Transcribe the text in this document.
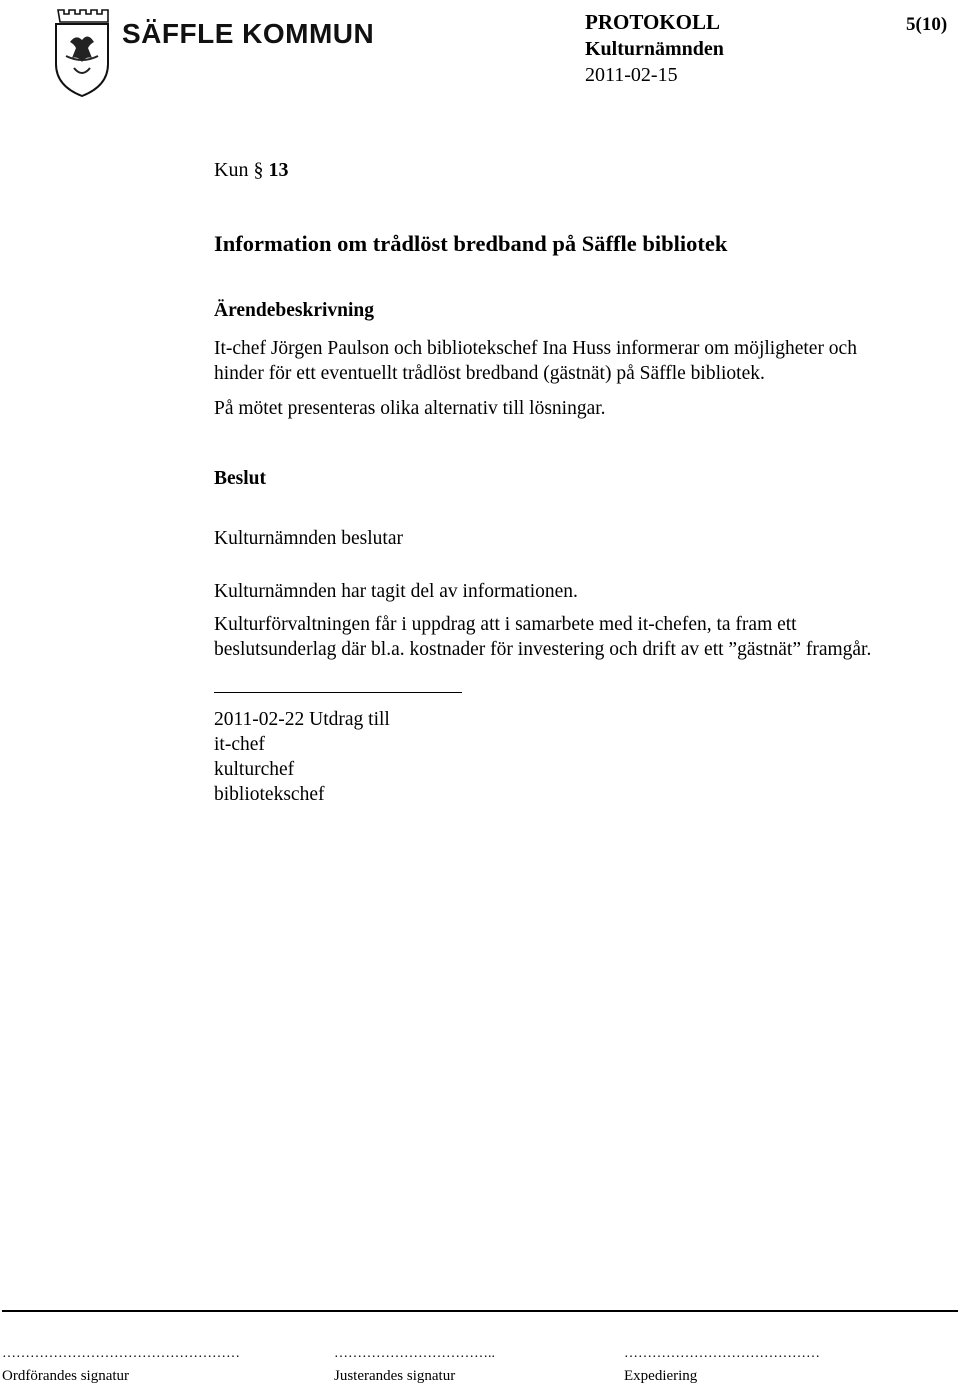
SÄFFLE KOMMUN	PROTOKOLL	5(10)
Kulturnämnden
2011-02-15
Kun § 13
Information om trådlöst bredband på Säffle bibliotek
Ärendebeskrivning
It-chef Jörgen Paulson och bibliotekschef Ina Huss informerar om möjligheter och
hinder för ett eventuellt trådlöst bredband (gästnät) på Säffle bibliotek.
På mötet presenteras olika alternativ till lösningar.
Beslut
Kulturnämnden beslutar
Kulturnämnden har tagit del av informationen.
Kulturförvaltningen får i uppdrag att i samarbete med it-chefen, ta fram ett
beslutsunderlag där bl.a. kostnader för investering och drift av ett ”gästnät” framgår.
2011-02-22 Utdrag till
it-chef
kulturchef
bibliotekschef
……………………………………………	……………………………..	……………………………………
Ordförandes signatur	Justerandes signatur	Expediering
